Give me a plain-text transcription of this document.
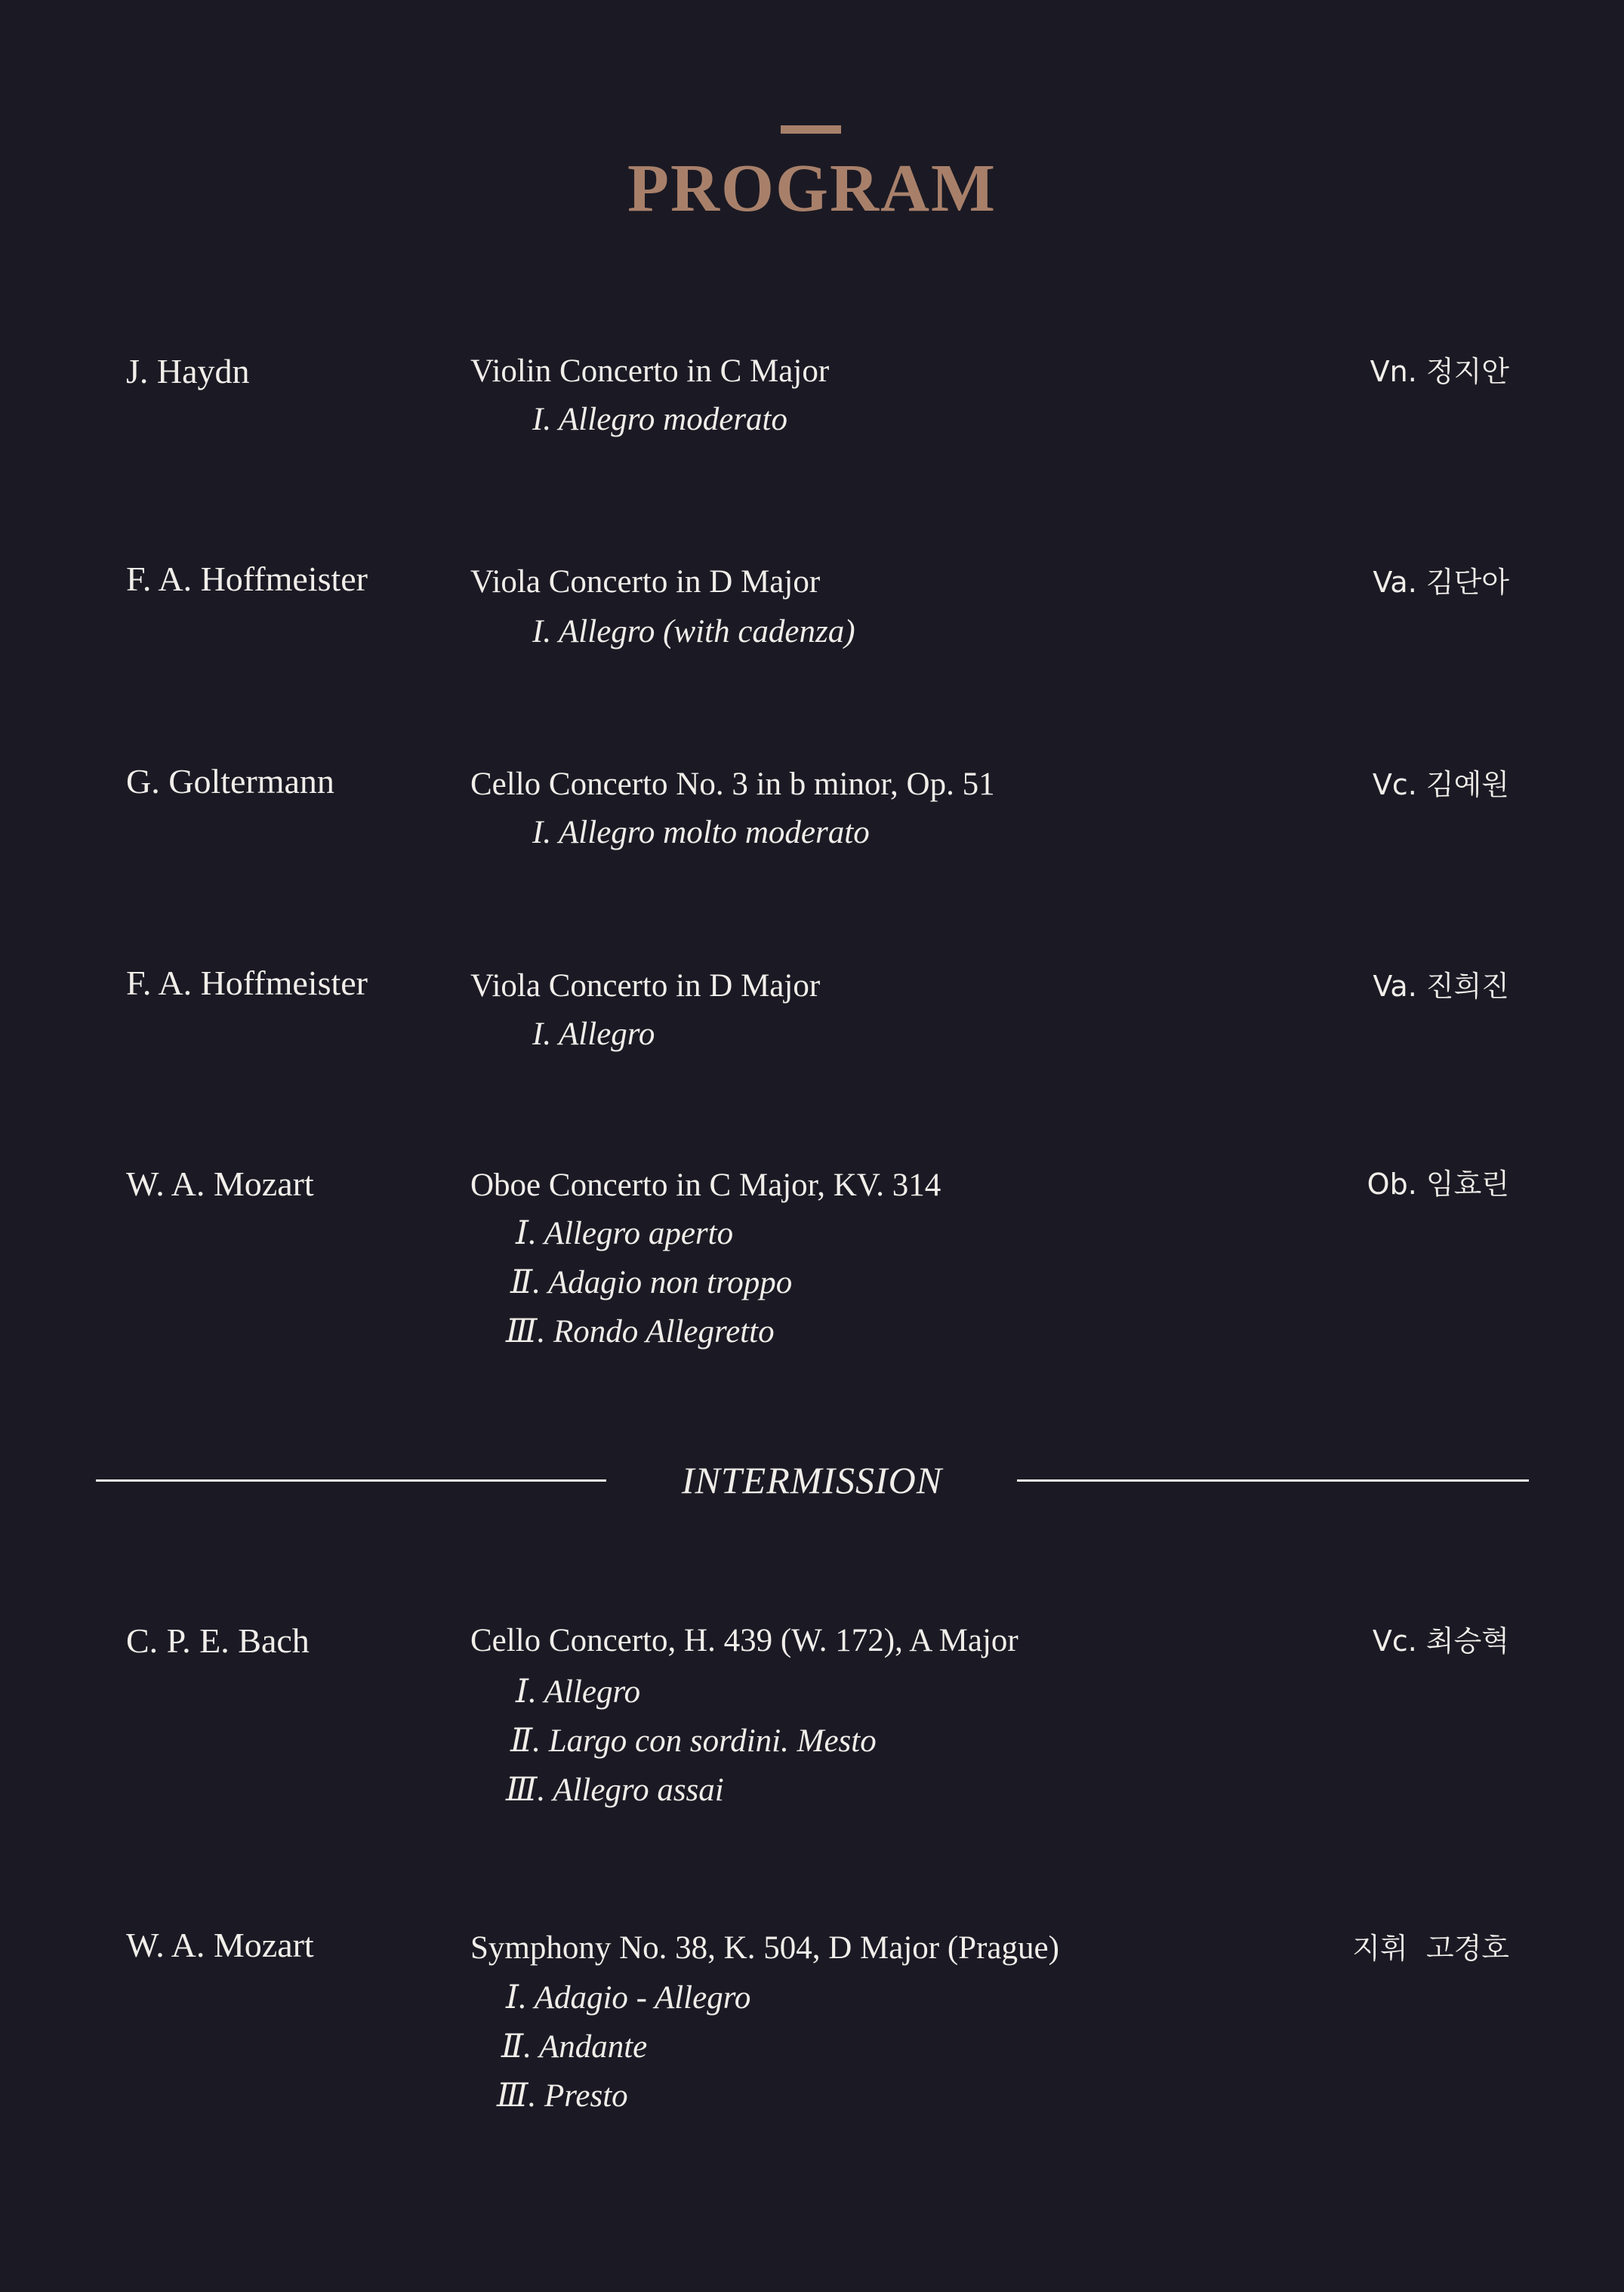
PROGRAM
J. Haydn	Violin Concerto in C Major	Vn. 정지안
I. Allegro moderato
F. A. Hoffmeister	Viola Concerto in D Major	Va. 김단아
I. Allegro (with cadenza)
G. Goltermann	Cello Concerto No. 3 in b minor, Op. 51	Vc. 김예원
I. Allegro molto moderato
F. A. Hoffmeister	Viola Concerto in D Major	Va. 진희진
I. Allegro
W. A. Mozart	Oboe Concerto in C Major, KV. 314	Ob. 임효린
Ⅰ. Allegro aperto
Ⅱ. Adagio non troppo
Ⅲ. Rondo Allegretto
INTERMISSION
C. P. E. Bach	Cello Concerto, H. 439 (W. 172), A Major	Vc. 최승혁
Ⅰ. Allegro
Ⅱ. Largo con sordini. Mesto
Ⅲ. Allegro assai
W. A. Mozart	Symphony No. 38, K. 504, D Major (Prague)	지휘  고경호
Ⅰ. Adagio - Allegro
Ⅱ. Andante
Ⅲ. Presto
